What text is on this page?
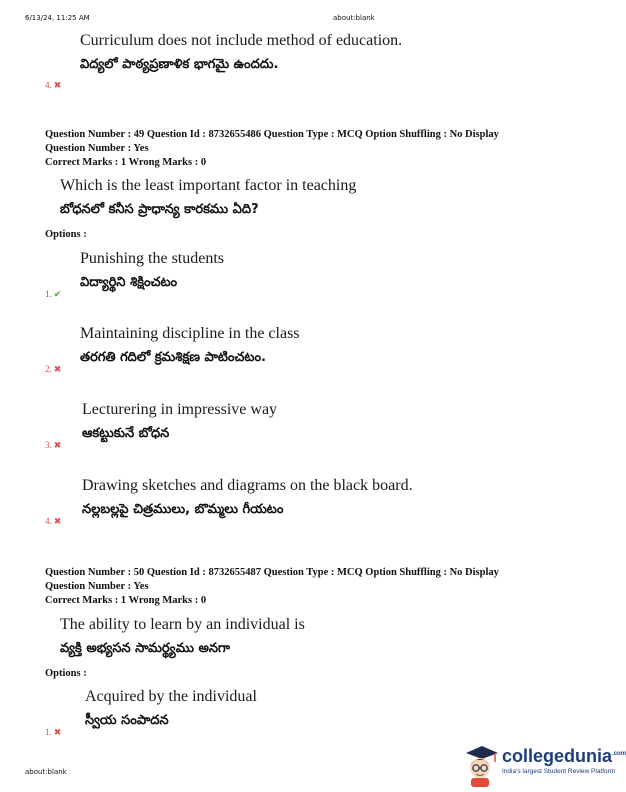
6/13/24, 11:25 AM	about:blank
Curriculum does not include method of education.
విద్యలో పాఠ్యప్రణాళిక భాగమై ఉందదు.
4. ✖
Question Number : 49 Question Id : 8732655486 Question Type : MCQ Option Shuffling : No Display
Question Number : Yes
Correct Marks : 1 Wrong Marks : 0
Which is the least important factor in teaching
బోధనలో కనీస ప్రాధాన్య కారకము ఏది?
Options :
Punishing the students
విద్యార్థిని శిక్షించటం
1. ✔
Maintaining discipline in the class
తరగతి గదిలో క్రమశిక్షణ పాటించటం.
2. ✖
Lecturering in impressive way
ఆకట్టుకునే బోధన
3. ✖
Drawing sketches and diagrams on the black board.
నల్లబల్లపై చిత్రములు, బొమ్మలు గీయటం
4. ✖
Question Number : 50 Question Id : 8732655487 Question Type : MCQ Option Shuffling : No Display
Question Number : Yes
Correct Marks : 1 Wrong Marks : 0
The ability to learn by an individual is
వ్యక్తి అభ్యసన సామర్థ్యము అనగా
Options :
Acquired by the individual
స్వీయ సంపాదన
1. ✖
about:blank
collegedunia$^{.com}$
India's largest Student Review Platform
